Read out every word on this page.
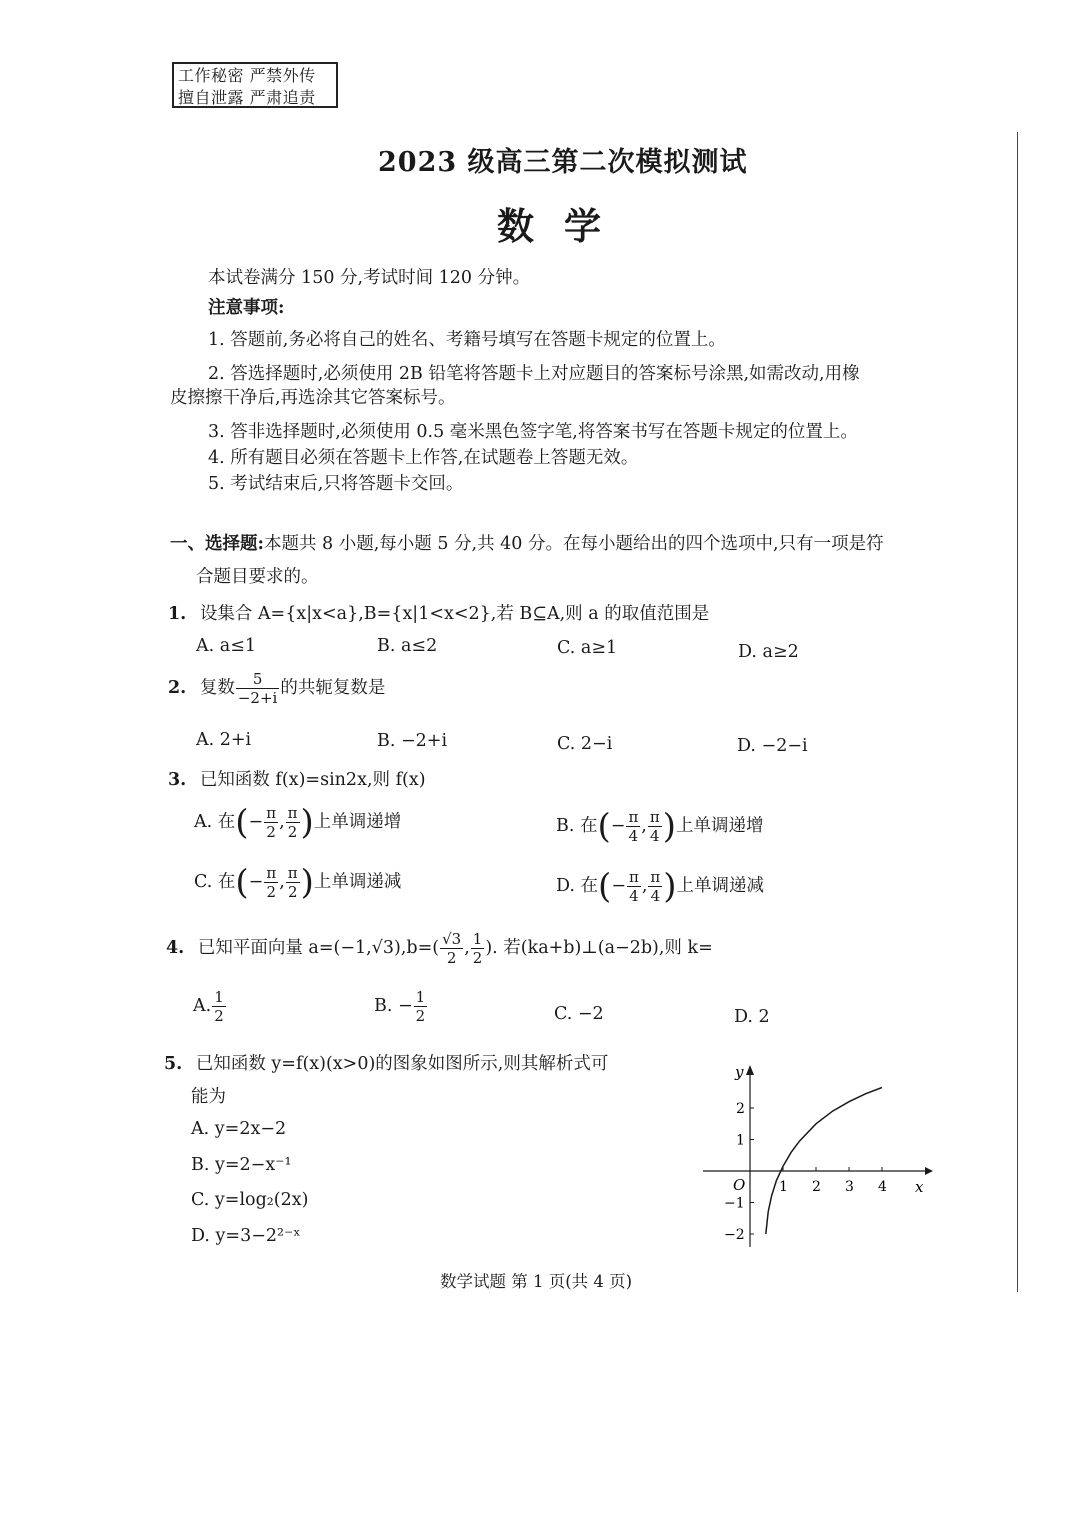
工作秘密 严禁外传
擅自泄露 严肃追责
2023 级高三第二次模拟测试
数学
本试卷满分 150 分,考试时间 120 分钟。
注意事项:
1. 答题前,务必将自己的姓名、考籍号填写在答题卡规定的位置上。
2. 答选择题时,必须使用 2B 铅笔将答题卡上对应题目的答案标号涂黑,如需改动,用橡
皮擦擦干净后,再选涂其它答案标号。
3. 答非选择题时,必须使用 0.5 毫米黑色签字笔,将答案书写在答题卡规定的位置上。
4. 所有题目必须在答题卡上作答,在试题卷上答题无效。
5. 考试结束后,只将答题卡交回。
一、选择题:本题共 8 小题,每小题 5 分,共 40 分。在每小题给出的四个选项中,只有一项是符
合题目要求的。
1. 设集合 A={x|x<a},B={x|1<x<2},若 B⊆A,则 a 的取值范围是
A. a≤1	B. a≤2	C. a≥1	D. a≥2
2. 复数 $\frac{5}{-2+i}$ 的共轭复数是
A. 2+i	B. −2+i	C. 2−i	D. −2−i
3. 已知函数 f(x)=sin2x,则 f(x)
A. 在(− $\frac{\pi}{2}$ , $\frac{\pi}{2}$ )上单调递增	B. 在(− $\frac{\pi}{4}$ , $\frac{\pi}{4}$ )上单调递增
C. 在(− $\frac{\pi}{2}$ , $\frac{\pi}{2}$ )上单调递减	D. 在(− $\frac{\pi}{4}$ , $\frac{\pi}{4}$ )上单调递减
4. 已知平面向量 $a=(-1,√3),b=( \frac{√3}{2}$ , $\frac{1}{2}$ ). 若(ka+b)⊥(a−2b),则 k=
A. $\frac{1}{2}$	B. − $\frac{1}{2}$	C. −2	D. 2
5. 已知函数 y=f(x)(x>0)的图象如图所示,则其解析式可
能为
A. y=2x−2
B. y=2−x⁻¹
C. y=log₂(2x)
D. y=3−2²⁻ˣ
1 2 3 4
2
1
−1
−2
x
y
O
数学试题 第 1 页(共 4 页)
